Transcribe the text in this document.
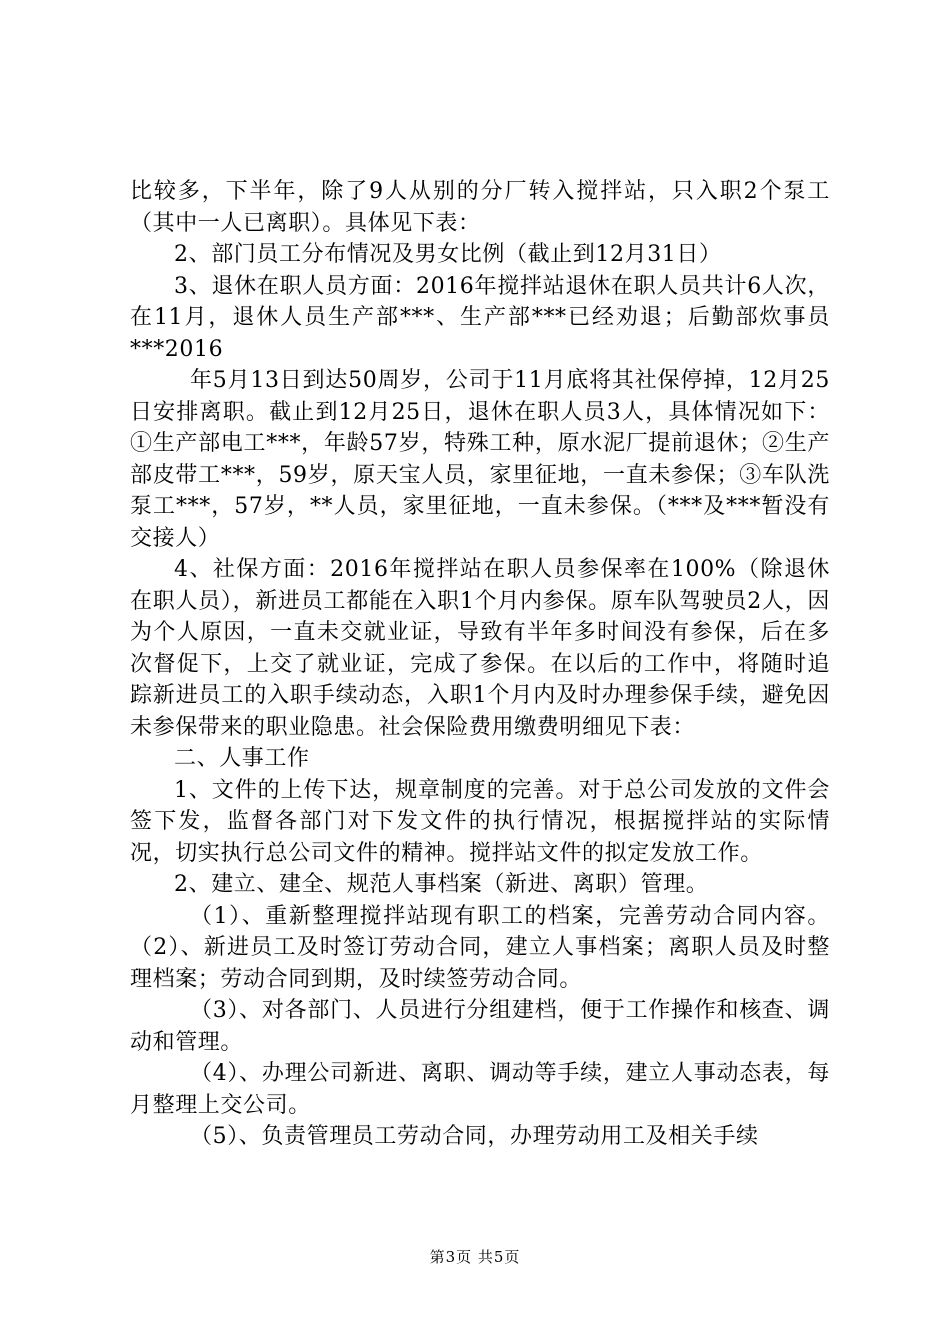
比较多，下半年，除了9人从别的分厂转入搅拌站，只入职2个泵工（其中一人已离职）。具体见下表：

2、部门员工分布情况及男女比例（截止到12月31日）

3、退休在职人员方面：2016年搅拌站退休在职人员共计6人次，在11月，退休人员生产部***、生产部***已经劝退；后勤部炊事员***2016

年5月13日到达50周岁，公司于11月底将其社保停掉，12月25日安排离职。截止到12月25日，退休在职人员3人，具体情况如下：①生产部电工***，年龄57岁，特殊工种，原水泥厂提前退休；②生产部皮带工***，59岁，原天宝人员，家里征地，一直未参保；③车队洗泵工***，57岁，**人员，家里征地，一直未参保。（***及***暂没有交接人）

4、社保方面：2016年搅拌站在职人员参保率在100%（除退休在职人员），新进员工都能在入职1个月内参保。原车队驾驶员2人，因为个人原因，一直未交就业证，导致有半年多时间没有参保，后在多次督促下，上交了就业证，完成了参保。在以后的工作中，将随时追踪新进员工的入职手续动态，入职1个月内及时办理参保手续，避免因未参保带来的职业隐患。社会保险费用缴费明细见下表：

二、人事工作

1、文件的上传下达，规章制度的完善。对于总公司发放的文件会签下发，监督各部门对下发文件的执行情况，根据搅拌站的实际情况，切实执行总公司文件的精神。搅拌站文件的拟定发放工作。

2、建立、建全、规范人事档案（新进、离职）管理。

（1）、重新整理搅拌站现有职工的档案，完善劳动合同内容。（2）、新进员工及时签订劳动合同，建立人事档案；离职人员及时整理档案；劳动合同到期，及时续签劳动合同。

（3）、对各部门、人员进行分组建档，便于工作操作和核查、调动和管理。

（4）、办理公司新进、离职、调动等手续，建立人事动态表，每月整理上交公司。

（5）、负责管理员工劳动合同，办理劳动用工及相关手续

第3页 共5页
